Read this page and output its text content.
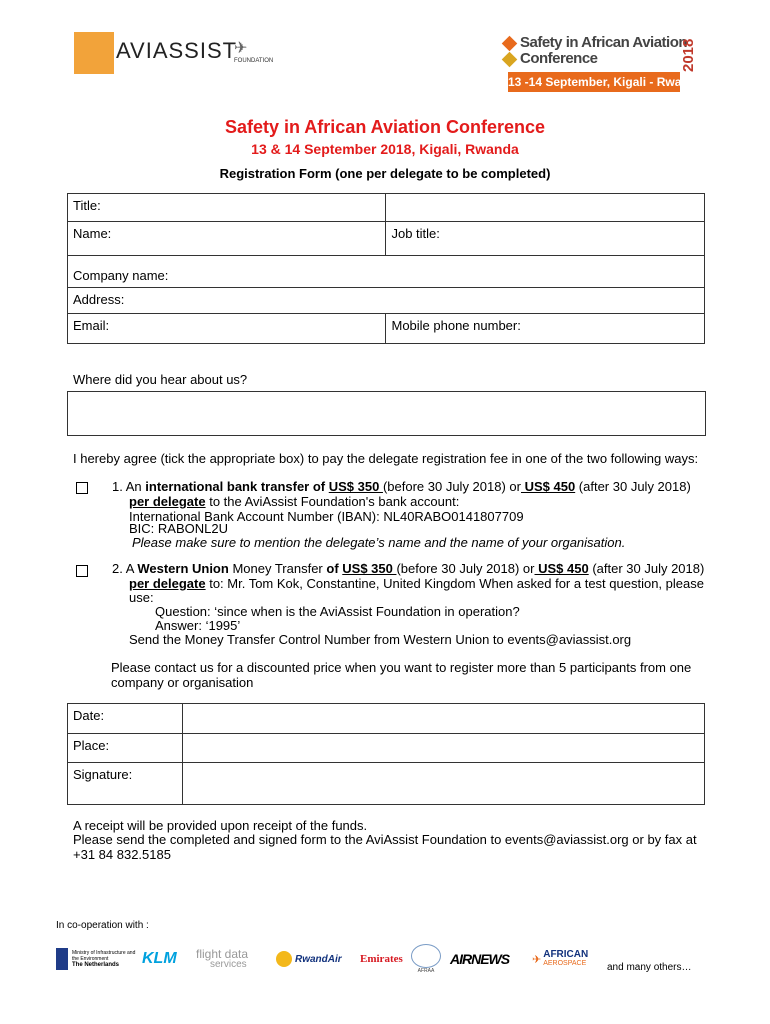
AVIASSIST
✈
FOUNDATION
Safety in African Aviation
Conference	2018
13 -14 September, Kigali - Rwanda
Safety in African Aviation Conference
13 & 14 September 2018, Kigali, Rwanda
Registration Form (one per delegate to be completed)
Title:	
Name:	Job title:
Company name:	
Address:	
Email:	Mobile phone number:
Where did you hear about us?
I hereby agree (tick the appropriate box) to pay the delegate registration fee in one of the two following ways:
1. An international bank transfer of US$ 350 (before 30 July 2018) or US$ 450 (after 30 July 2018)
per delegate to the AviAssist Foundation's bank account:
International Bank Account Number (IBAN): NL40RABO0141807709
BIC: RABONL2U
Please make sure to mention the delegate’s name and the name of your organisation.
2. A Western Union Money Transfer of US$ 350 (before 30 July 2018) or US$ 450 (after 30 July 2018)
per delegate to: Mr. Tom Kok, Constantine, United Kingdom When asked for a test question, please
use:
Question: ‘since when is the AviAssist Foundation in operation?
Answer: ‘1995’
Send the Money Transfer Control Number from Western Union to events@aviassist.org
Please contact us for a discounted price when you want to register more than 5 participants from one
company or organisation
Date:	
Place:	
Signature:	
A receipt will be provided upon receipt of the funds.
Please send the completed and signed form to the AviAssist Foundation to events@aviassist.org or by fax at
+31 84 832.5185
In co-operation with :
Ministry of Infrastructure and
the Environment
The Netherlands	KLM flight data
services	RwandAir Emirates
AFRAA
AIRNEWS ✈ AFRICAN
AEROSPACE and many others…
